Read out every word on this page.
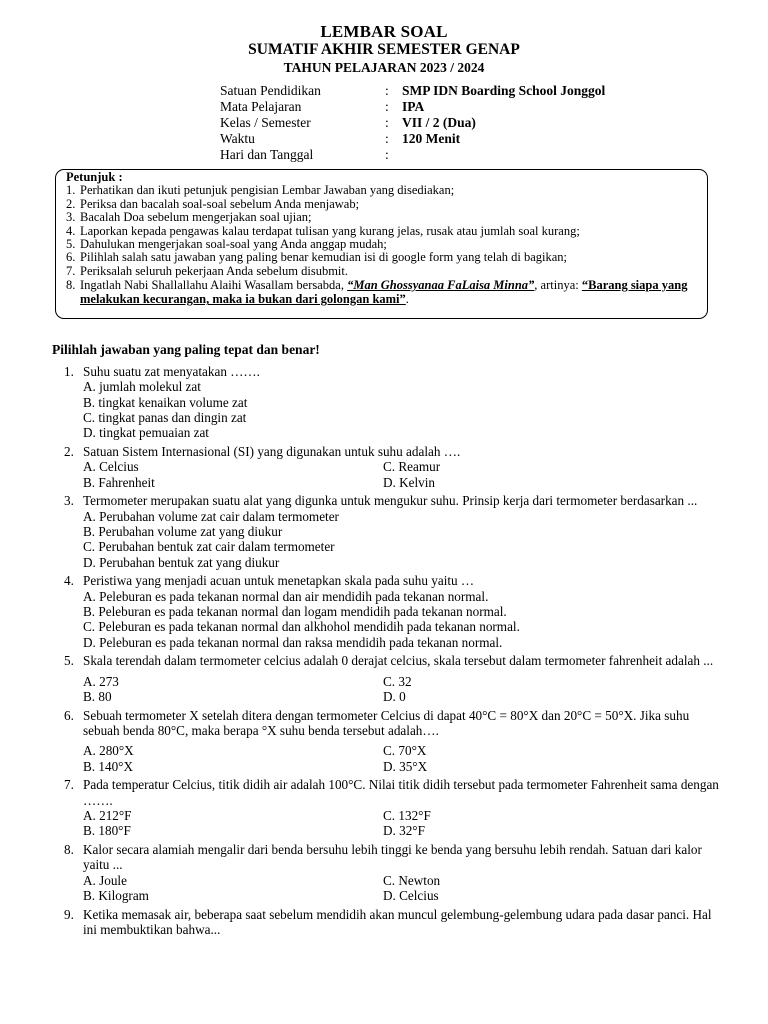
LEMBAR SOAL
SUMATIF AKHIR SEMESTER GENAP
TAHUN PELAJARAN 2023 / 2024
Satuan Pendidikan	: SMP IDN Boarding School Jonggol
Mata Pelajaran	: IPA
Kelas / Semester	: VII / 2 (Dua)
Waktu	: 120 Menit
Hari dan Tanggal	:
Petunjuk :
1. Perhatikan dan ikuti petunjuk pengisian Lembar Jawaban yang disediakan;
2. Periksa dan bacalah soal-soal sebelum Anda menjawab;
3. Bacalah Doa sebelum mengerjakan soal ujian;
4. Laporkan kepada pengawas kalau terdapat tulisan yang kurang jelas, rusak atau jumlah soal kurang;
5. Dahulukan mengerjakan soal-soal yang Anda anggap mudah;
6. Pilihlah salah satu jawaban yang paling benar kemudian isi di google form yang telah di bagikan;
7. Periksalah seluruh pekerjaan Anda sebelum disubmit.
8. Ingatlah Nabi Shallallahu Alaihi Wasallam bersabda, “Man Ghossyanaa FaLaisa Minna”, artinya: “Barang siapa yang melakukan kecurangan, maka ia bukan dari golongan kami”.
Pilihlah jawaban yang paling tepat dan benar!
1. Suhu suatu zat menyatakan …….
A. jumlah molekul zat
B. tingkat kenaikan volume zat
C. tingkat panas dan dingin zat
D. tingkat pemuaian zat
2. Satuan Sistem Internasional (SI) yang digunakan untuk suhu adalah ….
A. Celcius	C. Reamur
B. Fahrenheit	D. Kelvin
3. Termometer merupakan suatu alat yang digunka untuk mengukur suhu. Prinsip kerja dari termometer berdasarkan ...
A. Perubahan volume zat cair dalam termometer
B. Perubahan volume zat yang diukur
C. Perubahan bentuk zat cair dalam termometer
D. Perubahan bentuk zat yang diukur
4. Peristiwa yang menjadi acuan untuk menetapkan skala pada suhu yaitu …
A. Peleburan es pada tekanan normal dan air mendidih pada tekanan normal.
B. Peleburan es pada tekanan normal dan logam mendidih pada tekanan normal.
C. Peleburan es pada tekanan normal dan alkhohol mendidih pada tekanan normal.
D. Peleburan es pada tekanan normal dan raksa mendidih pada tekanan normal.
5. Skala terendah dalam termometer celcius adalah 0 derajat celcius, skala tersebut dalam termometer fahrenheit adalah ...
A. 273	C. 32
B. 80	D. 0
6. Sebuah termometer X setelah ditera dengan termometer Celcius di dapat 40°C = 80°X dan 20°C = 50°X. Jika suhu sebuah benda 80°C, maka berapa °X suhu benda tersebut adalah….
A. 280°X	C. 70°X
B. 140°X	D. 35°X
7. Pada temperatur Celcius, titik didih air adalah 100°C. Nilai titik didih tersebut pada termometer Fahrenheit sama dengan …….
A. 212°F	C. 132°F
B. 180°F	D. 32°F
8. Kalor secara alamiah mengalir dari benda bersuhu lebih tinggi ke benda yang bersuhu lebih rendah. Satuan dari kalor yaitu ...
A. Joule	C. Newton
B. Kilogram	D. Celcius
9. Ketika memasak air, beberapa saat sebelum mendidih akan muncul gelembung-gelembung udara pada dasar panci. Hal ini membuktikan bahwa...
